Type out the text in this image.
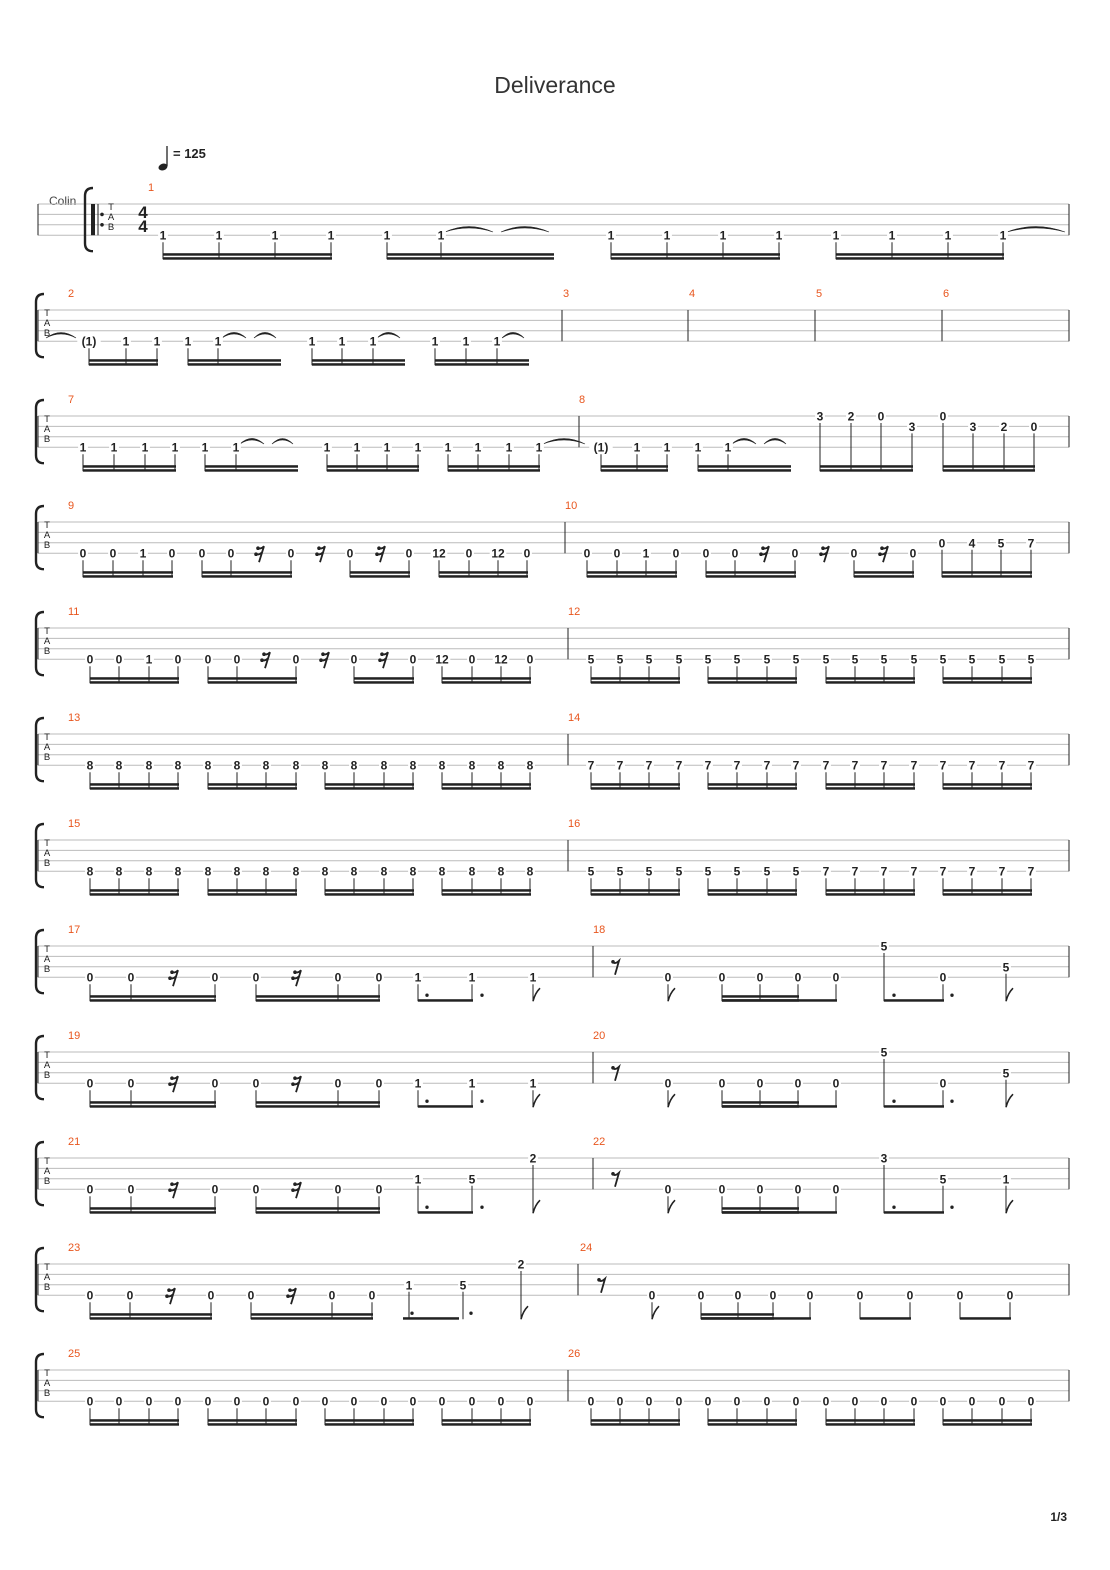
Deliverance
= 125
Colin
4
4
T
A
B
1
1	1	1	1	1	1	1	1	1	1	1	1	1	1
T
A
B
2	3	4	5	6
(1) 1 1 1 1	1 1 1	1 1 1
T
A
B
7	8
1 1 1 1 1 1	1 1 1 1 1 1 1 1	(1) 1 1 1 1
3 2 0
3
0
3 2 0
T
A
B
9	10
0 0 1 0 0 0	0	0	0 12 0 12 0	0 0 1 0 0 0	0	0	0
0 4 5 7
T
A
B
11	12
0 0 1 0 0 0	0	0	0 12 0 12 0	5 5 5 5 5 5 5 5 5 5 5 5 5 5 5 5
T
A
B
13	14
8 8 8 8 8 8 8 8 8 8 8 8 8 8 8 8	7 7 7 7 7 7 7 7 7 7 7 7 7 7 7 7
T
A
B
15	16
8 8 8 8 8 8 8 8 8 8 8 8 8 8 8 8	5 5 5 5 5 5 5 5 7 7 7 7 7 7 7 7
T
A
B
17	18
0	0	0	0	0	0	1	1	1	0	0	0	0	0
5
0
5
T
A
B
19	20
0	0	0	0	0	0	1	1	1	0	0	0	0	0
5
0
5
T
A
B
21	22
0	0	0	0	0	0
1	5
2
0	0	0	0	0
3
5	1
T
A
B
23	24
0	0	0	0	0	0
1	5
2
0	0	0 0	0	0	0	0	0
T
A
B
25	26
0 0 0 0 0 0 0 0 0 0 0 0 0 0 0 0	0 0 0 0 0 0 0 0 0 0 0 0 0 0 0 0
1/3
